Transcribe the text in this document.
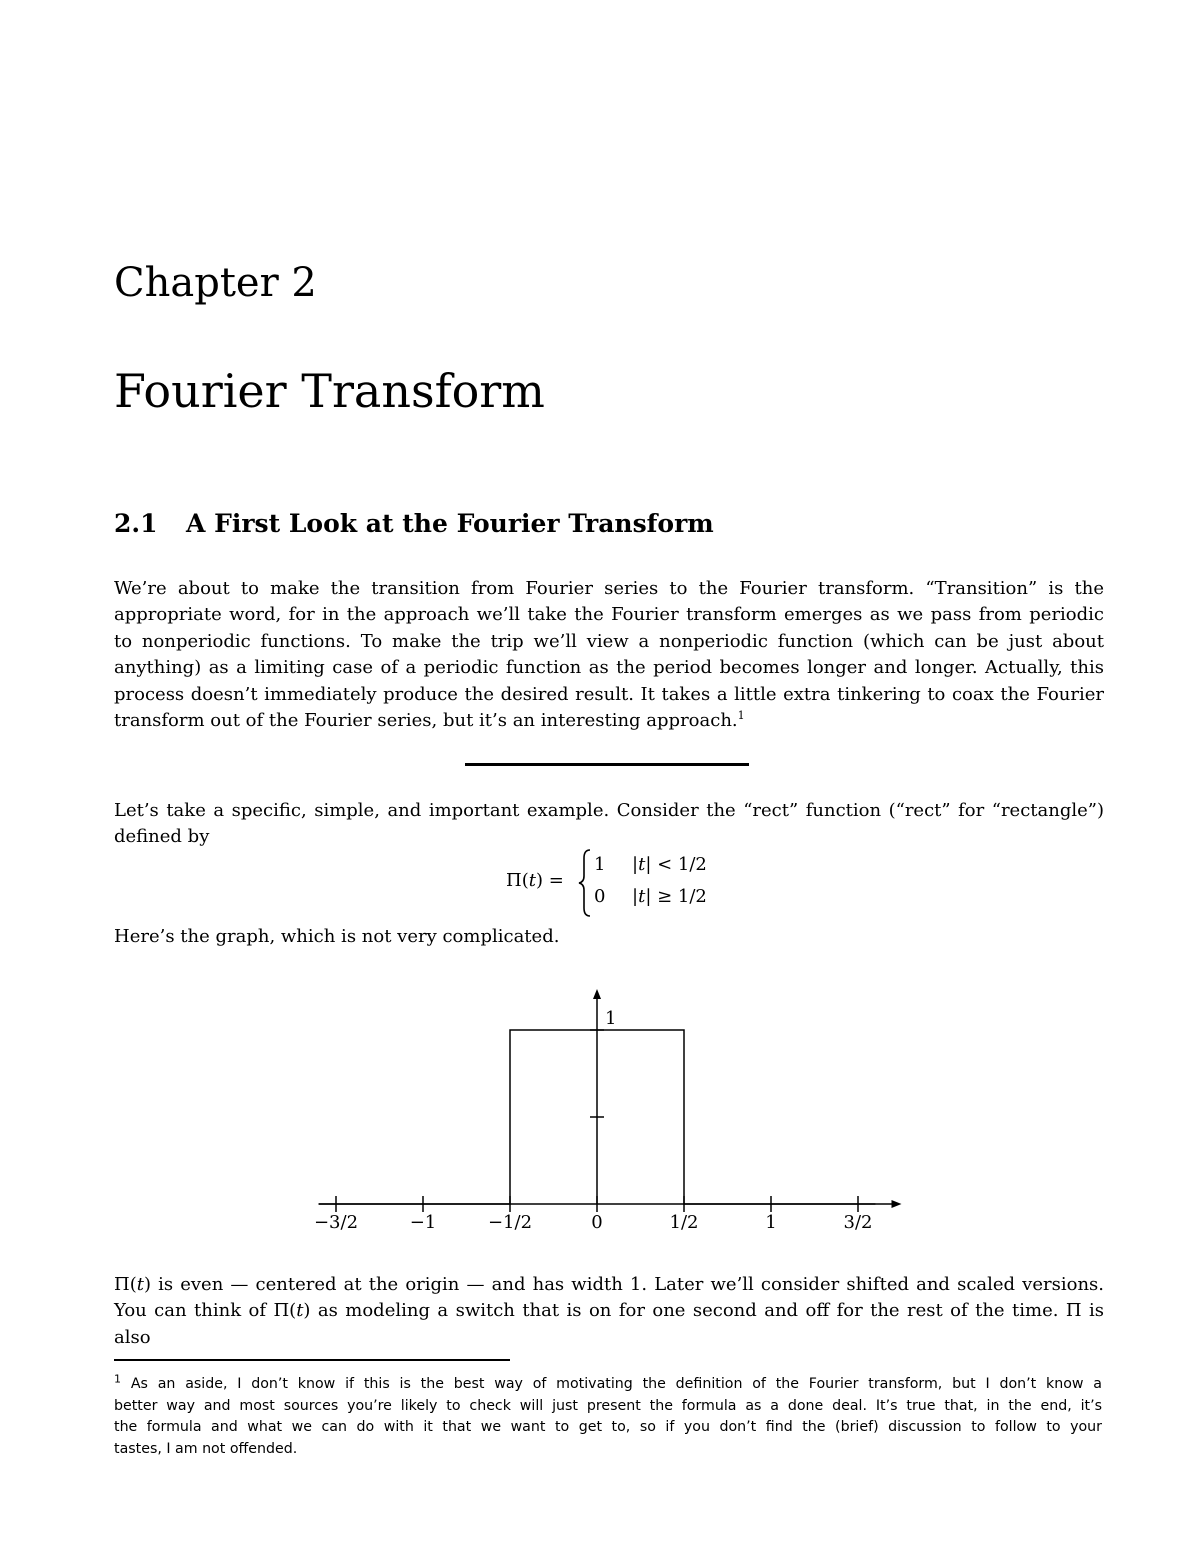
Chapter 2
Fourier Transform
2.1 A First Look at the Fourier Transform
We’re about to make the transition from Fourier series to the Fourier transform. “Transition” is the
appropriate word, for in the approach we’ll take the Fourier transform emerges as we pass from periodic
to nonperiodic functions. To make the trip we’ll view a nonperiodic function (which can be just about
anything) as a limiting case of a periodic function as the period becomes longer and longer. Actually, this
process doesn’t immediately produce the desired result. It takes a little extra tinkering to coax the Fourier
transform out of the Fourier series, but it’s an interesting approach.$^1$
Let’s take a specific, simple, and important example. Consider the “rect” function (“rect” for “rectangle”)
defined by
Π(t) =
1 |t| < 1/2
0 |t| ≥ 1/2
Here’s the graph, which is not very complicated.
−3/2	−1	−1/2	0	1/2	1	3/2
1
Π(t) is even — centered at the origin — and has width 1. Later we’ll consider shifted and scaled versions.
You can think of Π(t) as modeling a switch that is on for one second and off for the rest of the time. Π is also
$^1$ As an aside, I don’t know if this is the best way of motivating the definition of the Fourier transform, but I don’t know a
better way and most sources you’re likely to check will just present the formula as a done deal. It’s true that, in the end, it’s
the formula and what we can do with it that we want to get to, so if you don’t find the (brief) discussion to follow to your
tastes, I am not offended.
